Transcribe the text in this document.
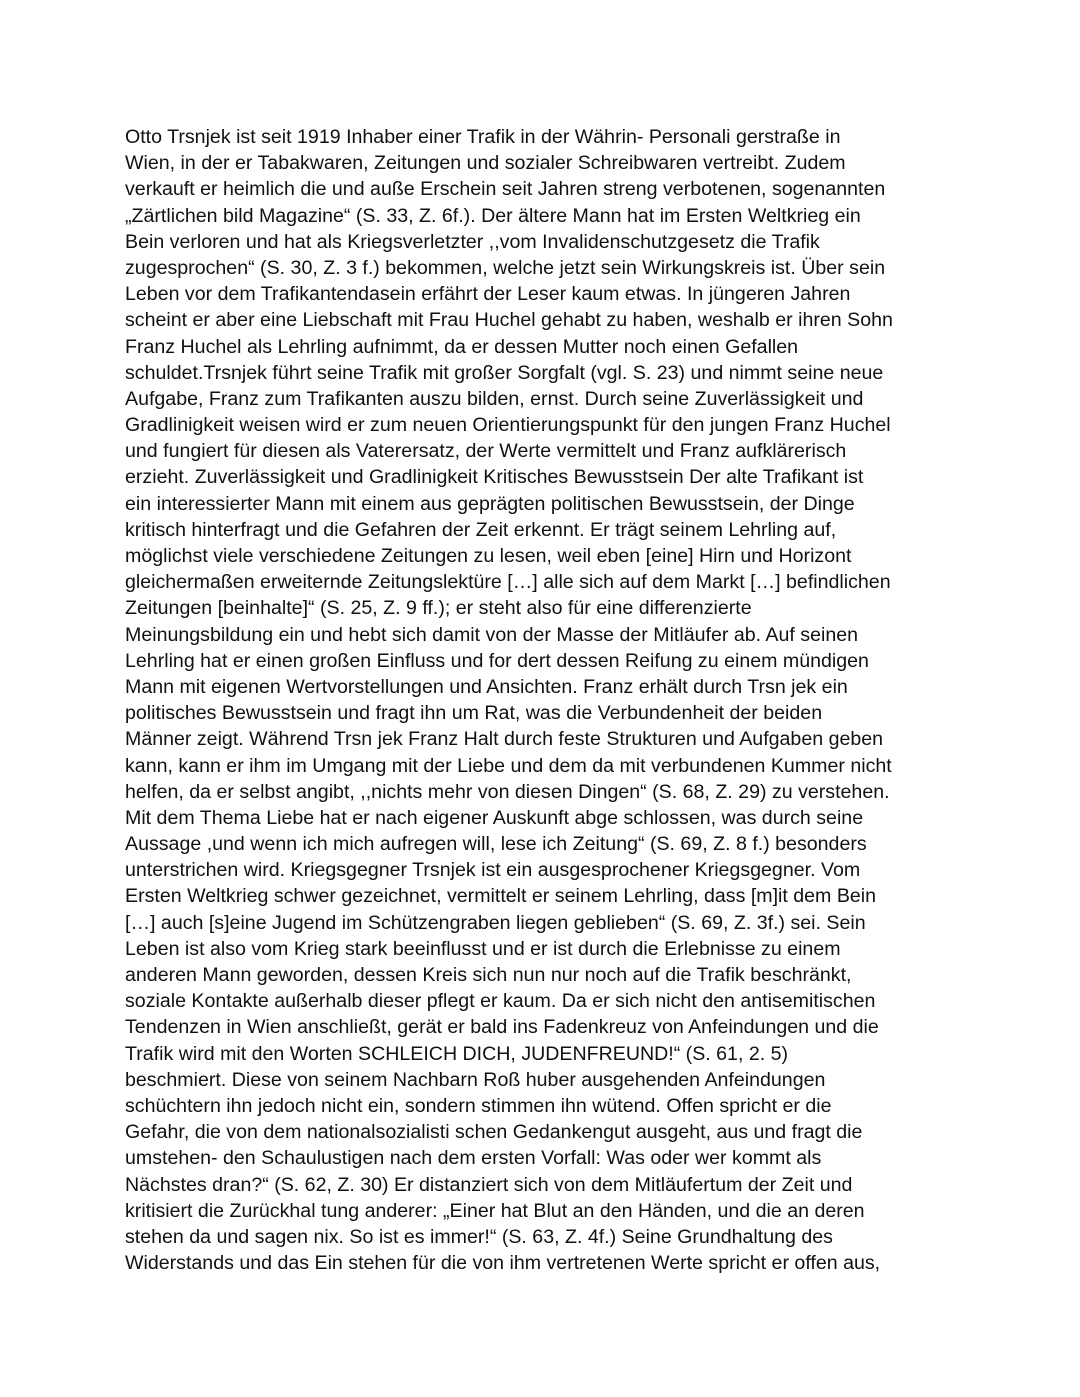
Otto Trsnjek ist seit 1919 Inhaber einer Trafik in der Währin- Personali gerstraße in
Wien, in der er Tabakwaren, Zeitungen und sozialer Schreibwaren vertreibt. Zudem
verkauft er heimlich die und auße Erschein seit Jahren streng verbotenen, sogenannten
„Zärtlichen bild Magazine“ (S. 33, Z. 6f.). Der ältere Mann hat im Ersten Weltkrieg ein
Bein verloren und hat als Kriegsverletzter ,,vom Invalidenschutzgesetz die Trafik
zugesprochen“ (S. 30, Z. 3 f.) bekommen, welche jetzt sein Wirkungskreis ist. Über sein
Leben vor dem Trafikantendasein erfährt der Leser kaum etwas. In jüngeren Jahren
scheint er aber eine Liebschaft mit Frau Huchel gehabt zu haben, weshalb er ihren Sohn
Franz Huchel als Lehrling aufnimmt, da er dessen Mutter noch einen Gefallen
schuldet.Trsnjek führt seine Trafik mit großer Sorgfalt (vgl. S. 23) und nimmt seine neue
Aufgabe, Franz zum Trafikanten auszu bilden, ernst. Durch seine Zuverlässigkeit und
Gradlinigkeit weisen wird er zum neuen Orientierungspunkt für den jungen Franz Huchel
und fungiert für diesen als Vaterersatz, der Werte vermittelt und Franz aufklärerisch
erzieht. Zuverlässigkeit und Gradlinigkeit Kritisches Bewusstsein Der alte Trafikant ist
ein interessierter Mann mit einem aus geprägten politischen Bewusstsein, der Dinge
kritisch hinterfragt und die Gefahren der Zeit erkennt. Er trägt seinem Lehrling auf,
möglichst viele verschiedene Zeitungen zu lesen, weil eben [eine] Hirn und Horizont
gleichermaßen erweiternde Zeitungslektüre […] alle sich auf dem Markt […] befindlichen
Zeitungen [beinhalte]“ (S. 25, Z. 9 ff.); er steht also für eine differenzierte
Meinungsbildung ein und hebt sich damit von der Masse der Mitläufer ab. Auf seinen
Lehrling hat er einen großen Einfluss und for dert dessen Reifung zu einem mündigen
Mann mit eigenen Wertvorstellungen und Ansichten. Franz erhält durch Trsn jek ein
politisches Bewusstsein und fragt ihn um Rat, was die Verbundenheit der beiden
Männer zeigt. Während Trsn jek Franz Halt durch feste Strukturen und Aufgaben geben
kann, kann er ihm im Umgang mit der Liebe und dem da mit verbundenen Kummer nicht
helfen, da er selbst angibt, ,,nichts mehr von diesen Dingen“ (S. 68, Z. 29) zu verstehen.
Mit dem Thema Liebe hat er nach eigener Auskunft abge schlossen, was durch seine
Aussage ,und wenn ich mich aufregen will, lese ich Zeitung“ (S. 69, Z. 8 f.) besonders
unterstrichen wird. Kriegsgegner Trsnjek ist ein ausgesprochener Kriegsgegner. Vom
Ersten Weltkrieg schwer gezeichnet, vermittelt er seinem Lehrling, dass [m]it dem Bein
[…] auch [s]eine Jugend im Schützengraben liegen geblieben“ (S. 69, Z. 3f.) sei. Sein
Leben ist also vom Krieg stark beeinflusst und er ist durch die Erlebnisse zu einem
anderen Mann geworden, dessen Kreis sich nun nur noch auf die Trafik beschränkt,
soziale Kontakte außerhalb dieser pflegt er kaum. Da er sich nicht den antisemitischen
Tendenzen in Wien anschließt, gerät er bald ins Fadenkreuz von Anfeindungen und die
Trafik wird mit den Worten SCHLEICH DICH, JUDENFREUND!“ (S. 61, 2. 5)
beschmiert. Diese von seinem Nachbarn Roß huber ausgehenden Anfeindungen
schüchtern ihn jedoch nicht ein, sondern stimmen ihn wütend. Offen spricht er die
Gefahr, die von dem nationalsozialisti schen Gedankengut ausgeht, aus und fragt die
umstehen- den Schaulustigen nach dem ersten Vorfall: Was oder wer kommt als
Nächstes dran?“ (S. 62, Z. 30) Er distanziert sich von dem Mitläufertum der Zeit und
kritisiert die Zurückhal tung anderer: „Einer hat Blut an den Händen, und die an deren
stehen da und sagen nix. So ist es immer!“ (S. 63, Z. 4f.) Seine Grundhaltung des
Widerstands und das Ein stehen für die von ihm vertretenen Werte spricht er offen aus,
